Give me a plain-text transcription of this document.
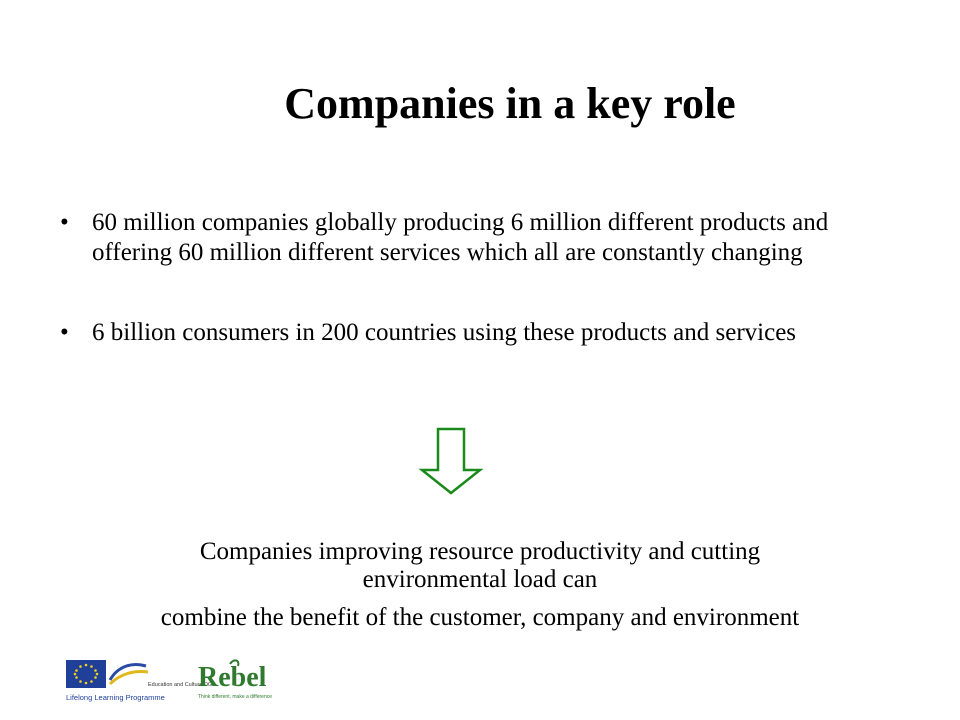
Companies in a key role
• 60 million companies globally producing 6 million different products and offering 60 million different services which all are constantly changing
• 6 billion consumers in 200 countries using these products and services

Companies improving resource productivity and cutting

environmental load can

combine the benefit of the customer, company and environment

Education and Culture DG
Lifelong Learning Programme
Rebel
Think different, make a difference
